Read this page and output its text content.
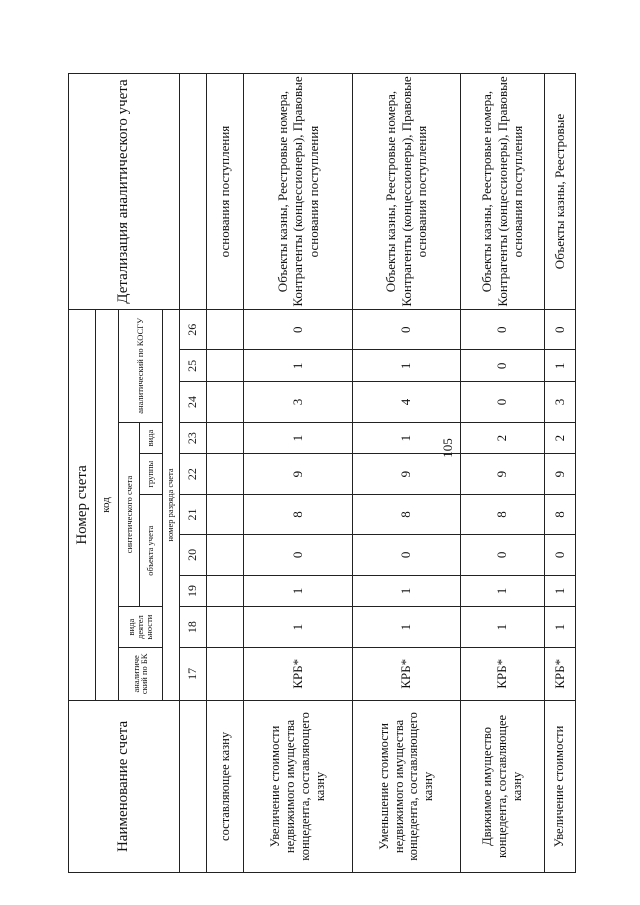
105
Наименование счета	Номер счета										Детализация аналитического учета
	код										
	аналитиче ский по БК	вида деятел ьности	синтетического счета					аналитический по КОСГУ			
			объекта учета			группы	вида				
	номер разряда счета										
	17	18	19	20	21	22	23	24	25	26	
составляющее казну											основания поступления
Увеличение стоимости недвижимого имущества концедента, составляющего казну	КРБ*	1	1	0	8	9	1	3	1	0	Объекты казны, Реестровые номера, Контрагенты (концессионеры), Правовые основания поступления
Уменьшение стоимости недвижимого имущества концедента, составляющего казну	КРБ*	1	1	0	8	9	1	4	1	0	Объекты казны, Реестровые номера, Контрагенты (концессионеры), Правовые основания поступления
Движимое имущество концедента, составляющее казну	КРБ*	1	1	0	8	9	2	0	0	0	Объекты казны, Реестровые номера, Контрагенты (концессионеры), Правовые основания поступления
Увеличение стоимости	КРБ*	1	1	0	8	9	2	3	1	0	Объекты казны, Реестровые
